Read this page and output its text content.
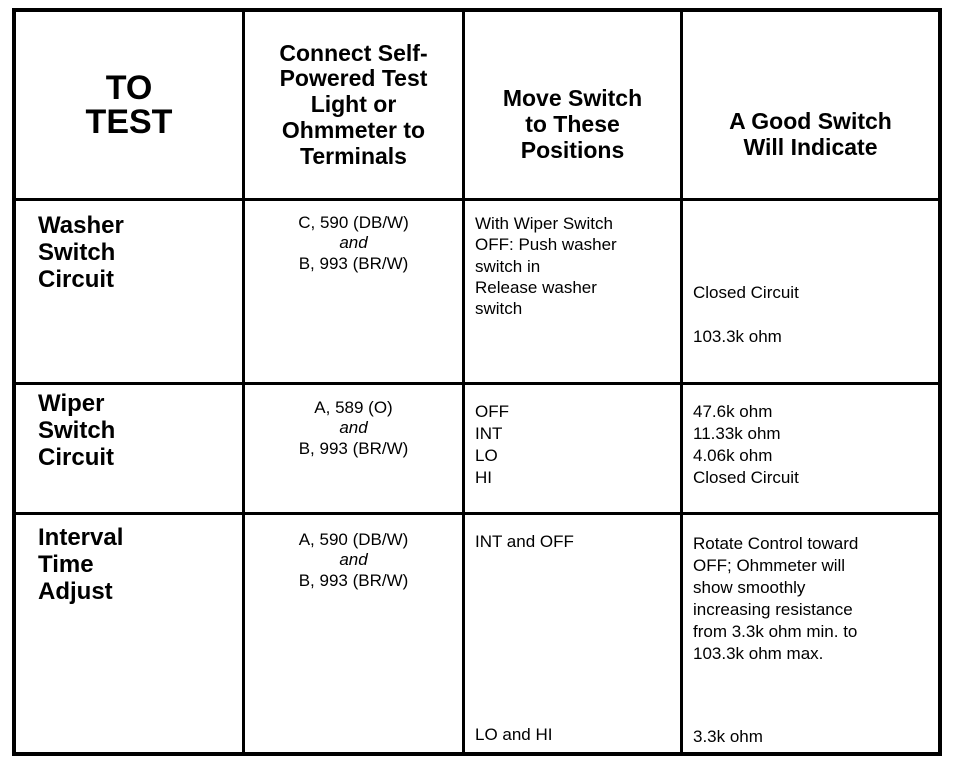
TO
TEST
Connect Self-
Powered Test
Light or
Ohmmeter to
Terminals
Move Switch
to These
Positions
A Good Switch
Will Indicate
Washer
Switch
Circuit
C, 590 (DB/W)
and
B, 993 (BR/W)
With Wiper Switch
OFF: Push washer
switch in
Release washer
switch
Closed Circuit
103.3k ohm
Wiper
Switch
Circuit
A, 589 (O)
and
B, 993 (BR/W)
OFF
INT
LO
HI
47.6k ohm
11.33k ohm
4.06k ohm
Closed Circuit
Interval
Time
Adjust
A, 590 (DB/W)
and
B, 993 (BR/W)
INT and OFF
LO and HI
Rotate Control toward
OFF; Ohmmeter will
show smoothly
increasing resistance
from 3.3k ohm min. to
103.3k ohm max.
3.3k ohm
